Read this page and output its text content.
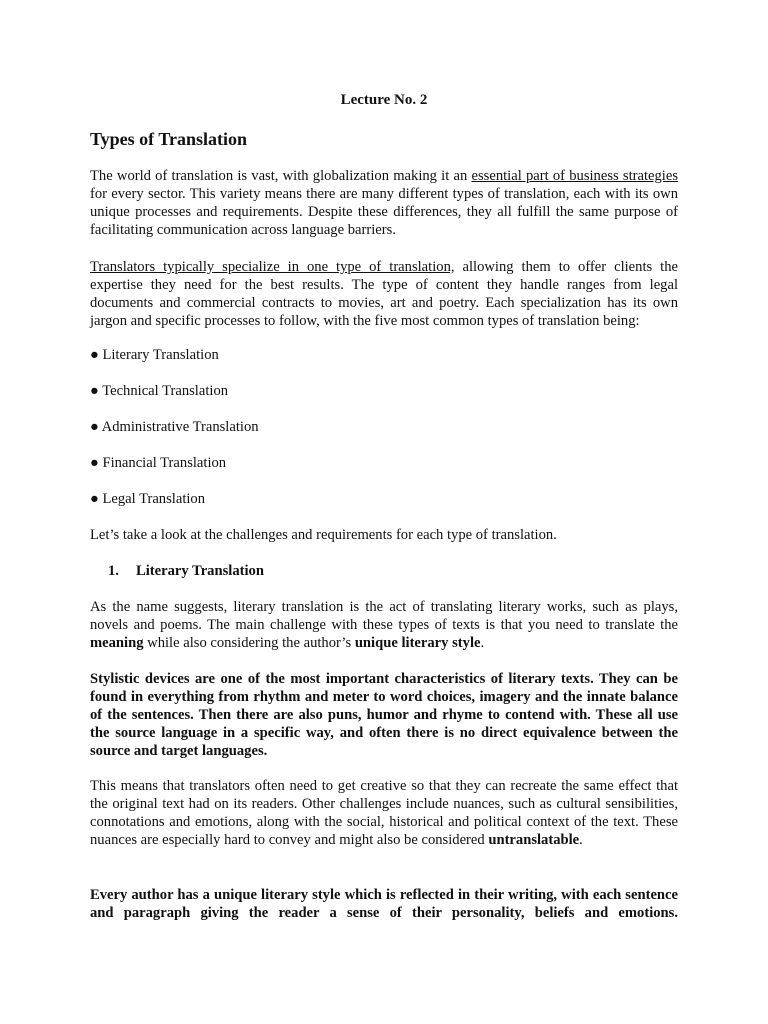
Lecture No. 2
Types of Translation
The world of translation is vast, with globalization making it an essential part of business strategies for every sector. This variety means there are many different types of translation, each with its own unique processes and requirements. Despite these differences, they all fulfill the same purpose of facilitating communication across language barriers.
Translators typically specialize in one type of translation, allowing them to offer clients the expertise they need for the best results. The type of content they handle ranges from legal documents and commercial contracts to movies, art and poetry. Each specialization has its own jargon and specific processes to follow, with the five most common types of translation being:
● Literary Translation
● Technical Translation
● Administrative Translation
● Financial Translation
● Legal Translation
Let’s take a look at the challenges and requirements for each type of translation.
1. Literary Translation
As the name suggests, literary translation is the act of translating literary works, such as plays, novels and poems. The main challenge with these types of texts is that you need to translate the meaning while also considering the author’s unique literary style.
Stylistic devices are one of the most important characteristics of literary texts. They can be found in everything from rhythm and meter to word choices, imagery and the innate balance of the sentences. Then there are also puns, humor and rhyme to contend with. These all use the source language in a specific way, and often there is no direct equivalence between the source and target languages.
This means that translators often need to get creative so that they can recreate the same effect that the original text had on its readers. Other challenges include nuances, such as cultural sensibilities, connotations and emotions, along with the social, historical and political context of the text. These nuances are especially hard to convey and might also be considered untranslatable.
Every author has a unique literary style which is reflected in their writing, with each sentence and paragraph giving the reader a sense of their personality, beliefs and emotions.
